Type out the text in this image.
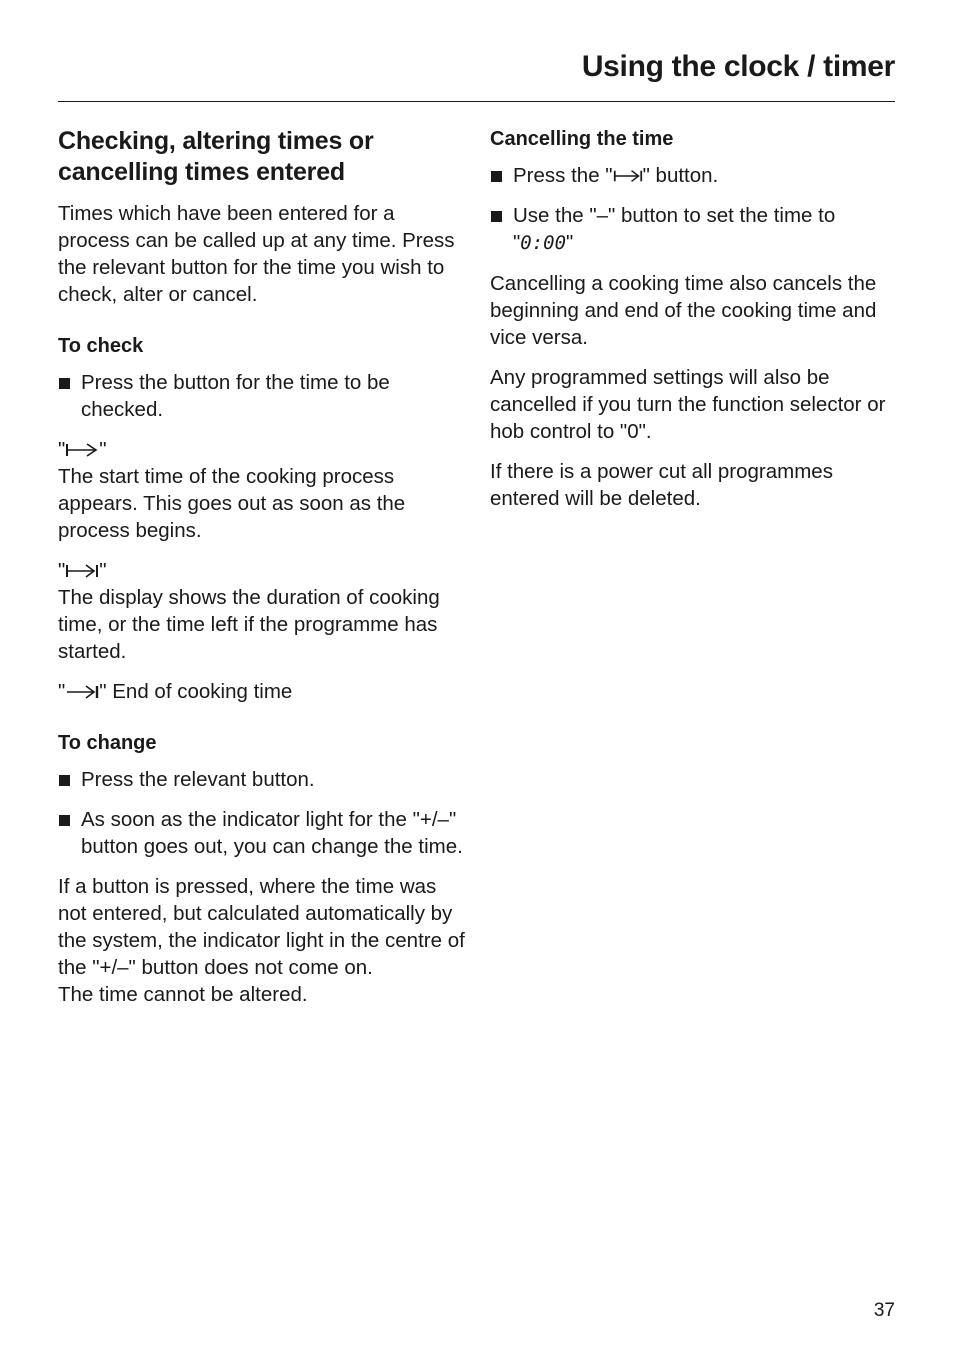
Using the clock / timer
Checking, altering times or cancelling times entered

Times which have been entered for a process can be called up at any time. Press the relevant button for the time you wish to check, alter or cancel.

To check
Press the button for the time to be checked.

" "

The start time of the cooking process appears. This goes out as soon as the process begins.

" "

The display shows the duration of cooking time, or the time left if the programme has started.

" " End of cooking time

To change
Press the relevant button.
As soon as the indicator light for the "+/–" button goes out, you can change the time.

If a button is pressed, where the time was not entered, but calculated automatically by the system, the indicator light in the centre of the "+/–" button does not come on.

The time cannot be altered.

Cancelling the time
Press the " " button.
Use the "–" button to set the time to "0:00"

Cancelling a cooking time also cancels the beginning and end of the cooking time and vice versa.

Any programmed settings will also be cancelled if you turn the function selector or hob control to "0".

If there is a power cut all programmes entered will be deleted.

37
